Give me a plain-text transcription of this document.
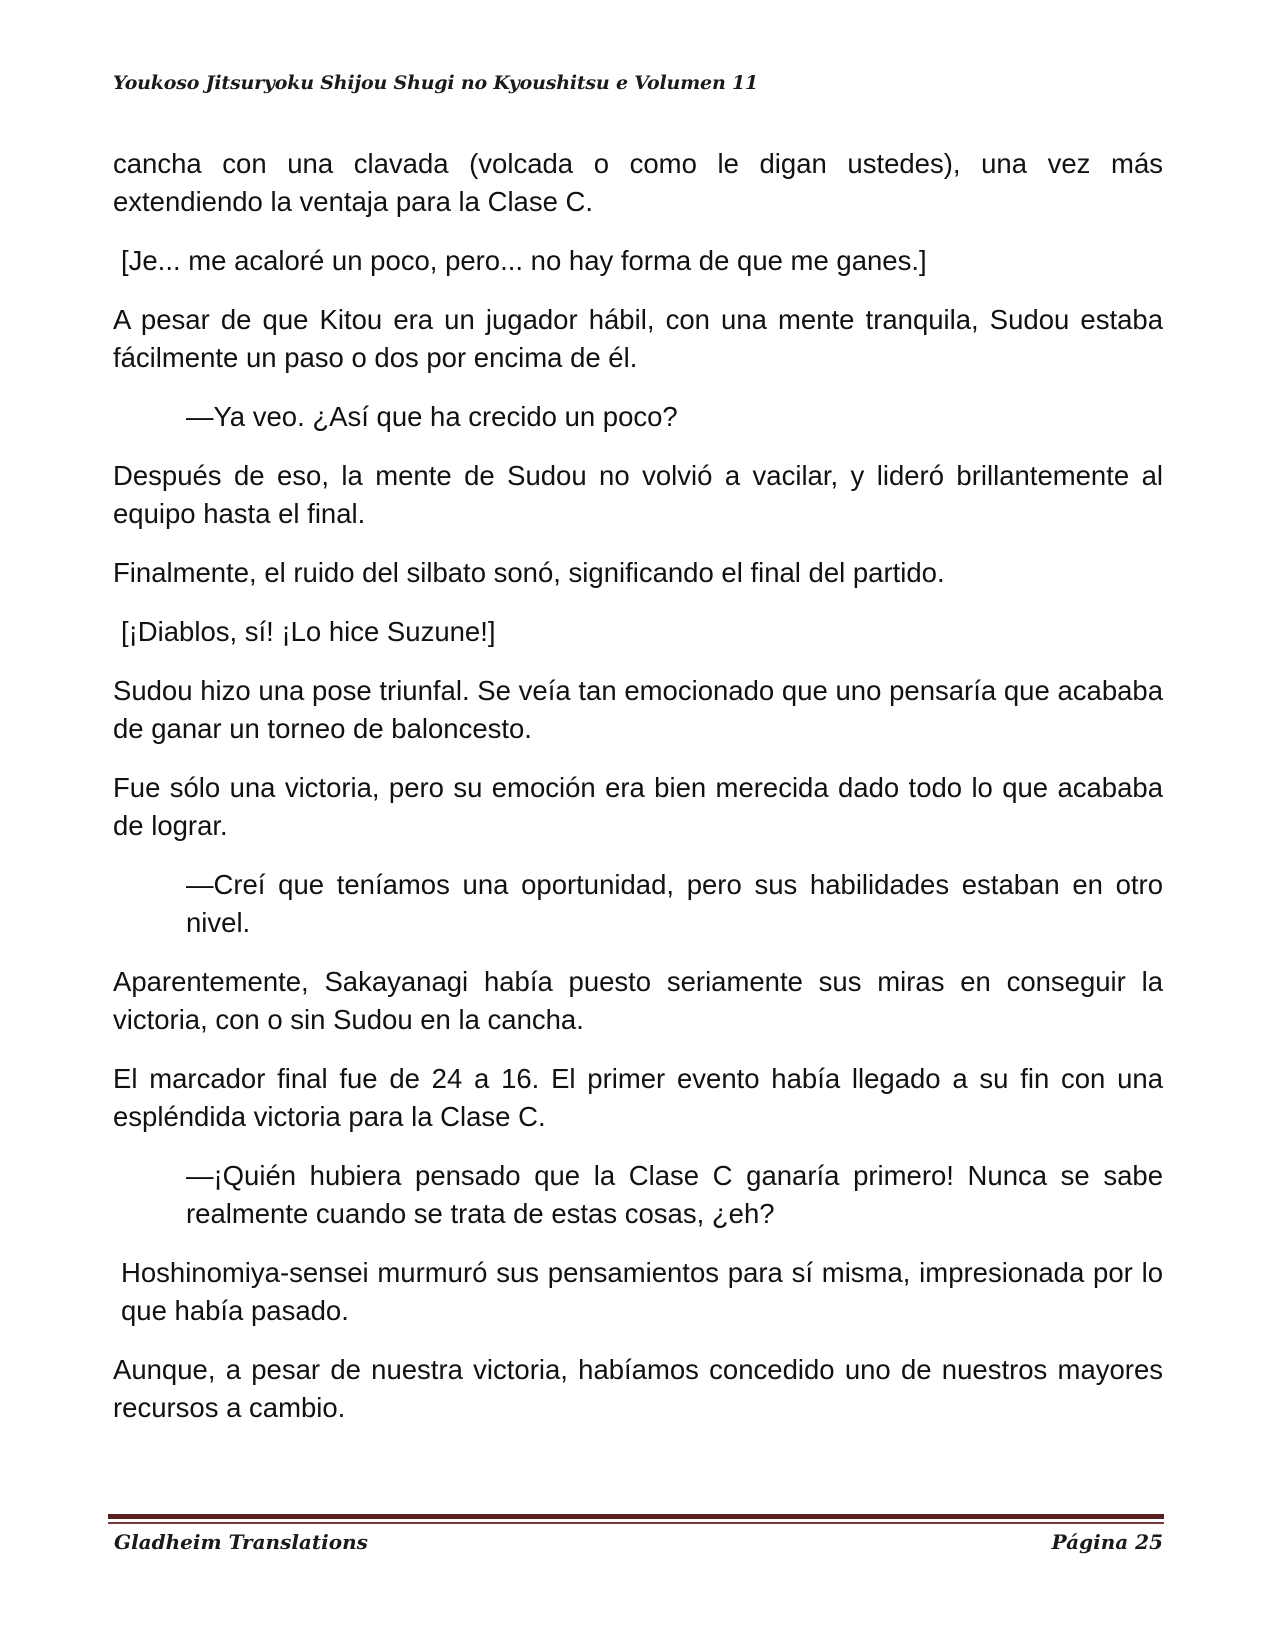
Youkoso Jitsuryoku Shijou Shugi no Kyoushitsu e Volumen 11

cancha con una clavada (volcada o como le digan ustedes), una vez más extendiendo la ventaja para la Clase C.

[Je... me acaloré un poco, pero... no hay forma de que me ganes.]

A pesar de que Kitou era un jugador hábil, con una mente tranquila, Sudou estaba fácilmente un paso o dos por encima de él.

—Ya veo. ¿Así que ha crecido un poco?

Después de eso, la mente de Sudou no volvió a vacilar, y lideró brillantemente al equipo hasta el final.

Finalmente, el ruido del silbato sonó, significando el final del partido.

[¡Diablos, sí! ¡Lo hice Suzune!]

Sudou hizo una pose triunfal. Se veía tan emocionado que uno pensaría que acababa de ganar un torneo de baloncesto.

Fue sólo una victoria, pero su emoción era bien merecida dado todo lo que acababa de lograr.

—Creí que teníamos una oportunidad, pero sus habilidades estaban en otro nivel.

Aparentemente, Sakayanagi había puesto seriamente sus miras en conseguir la victoria, con o sin Sudou en la cancha.

El marcador final fue de 24 a 16. El primer evento había llegado a su fin con una espléndida victoria para la Clase C.

—¡Quién hubiera pensado que la Clase C ganaría primero! Nunca se sabe realmente cuando se trata de estas cosas, ¿eh?

Hoshinomiya-sensei murmuró sus pensamientos para sí misma, impresionada por lo que había pasado.

Aunque, a pesar de nuestra victoria, habíamos concedido uno de nuestros mayores recursos a cambio.

Gladheim Translations	Página 25
